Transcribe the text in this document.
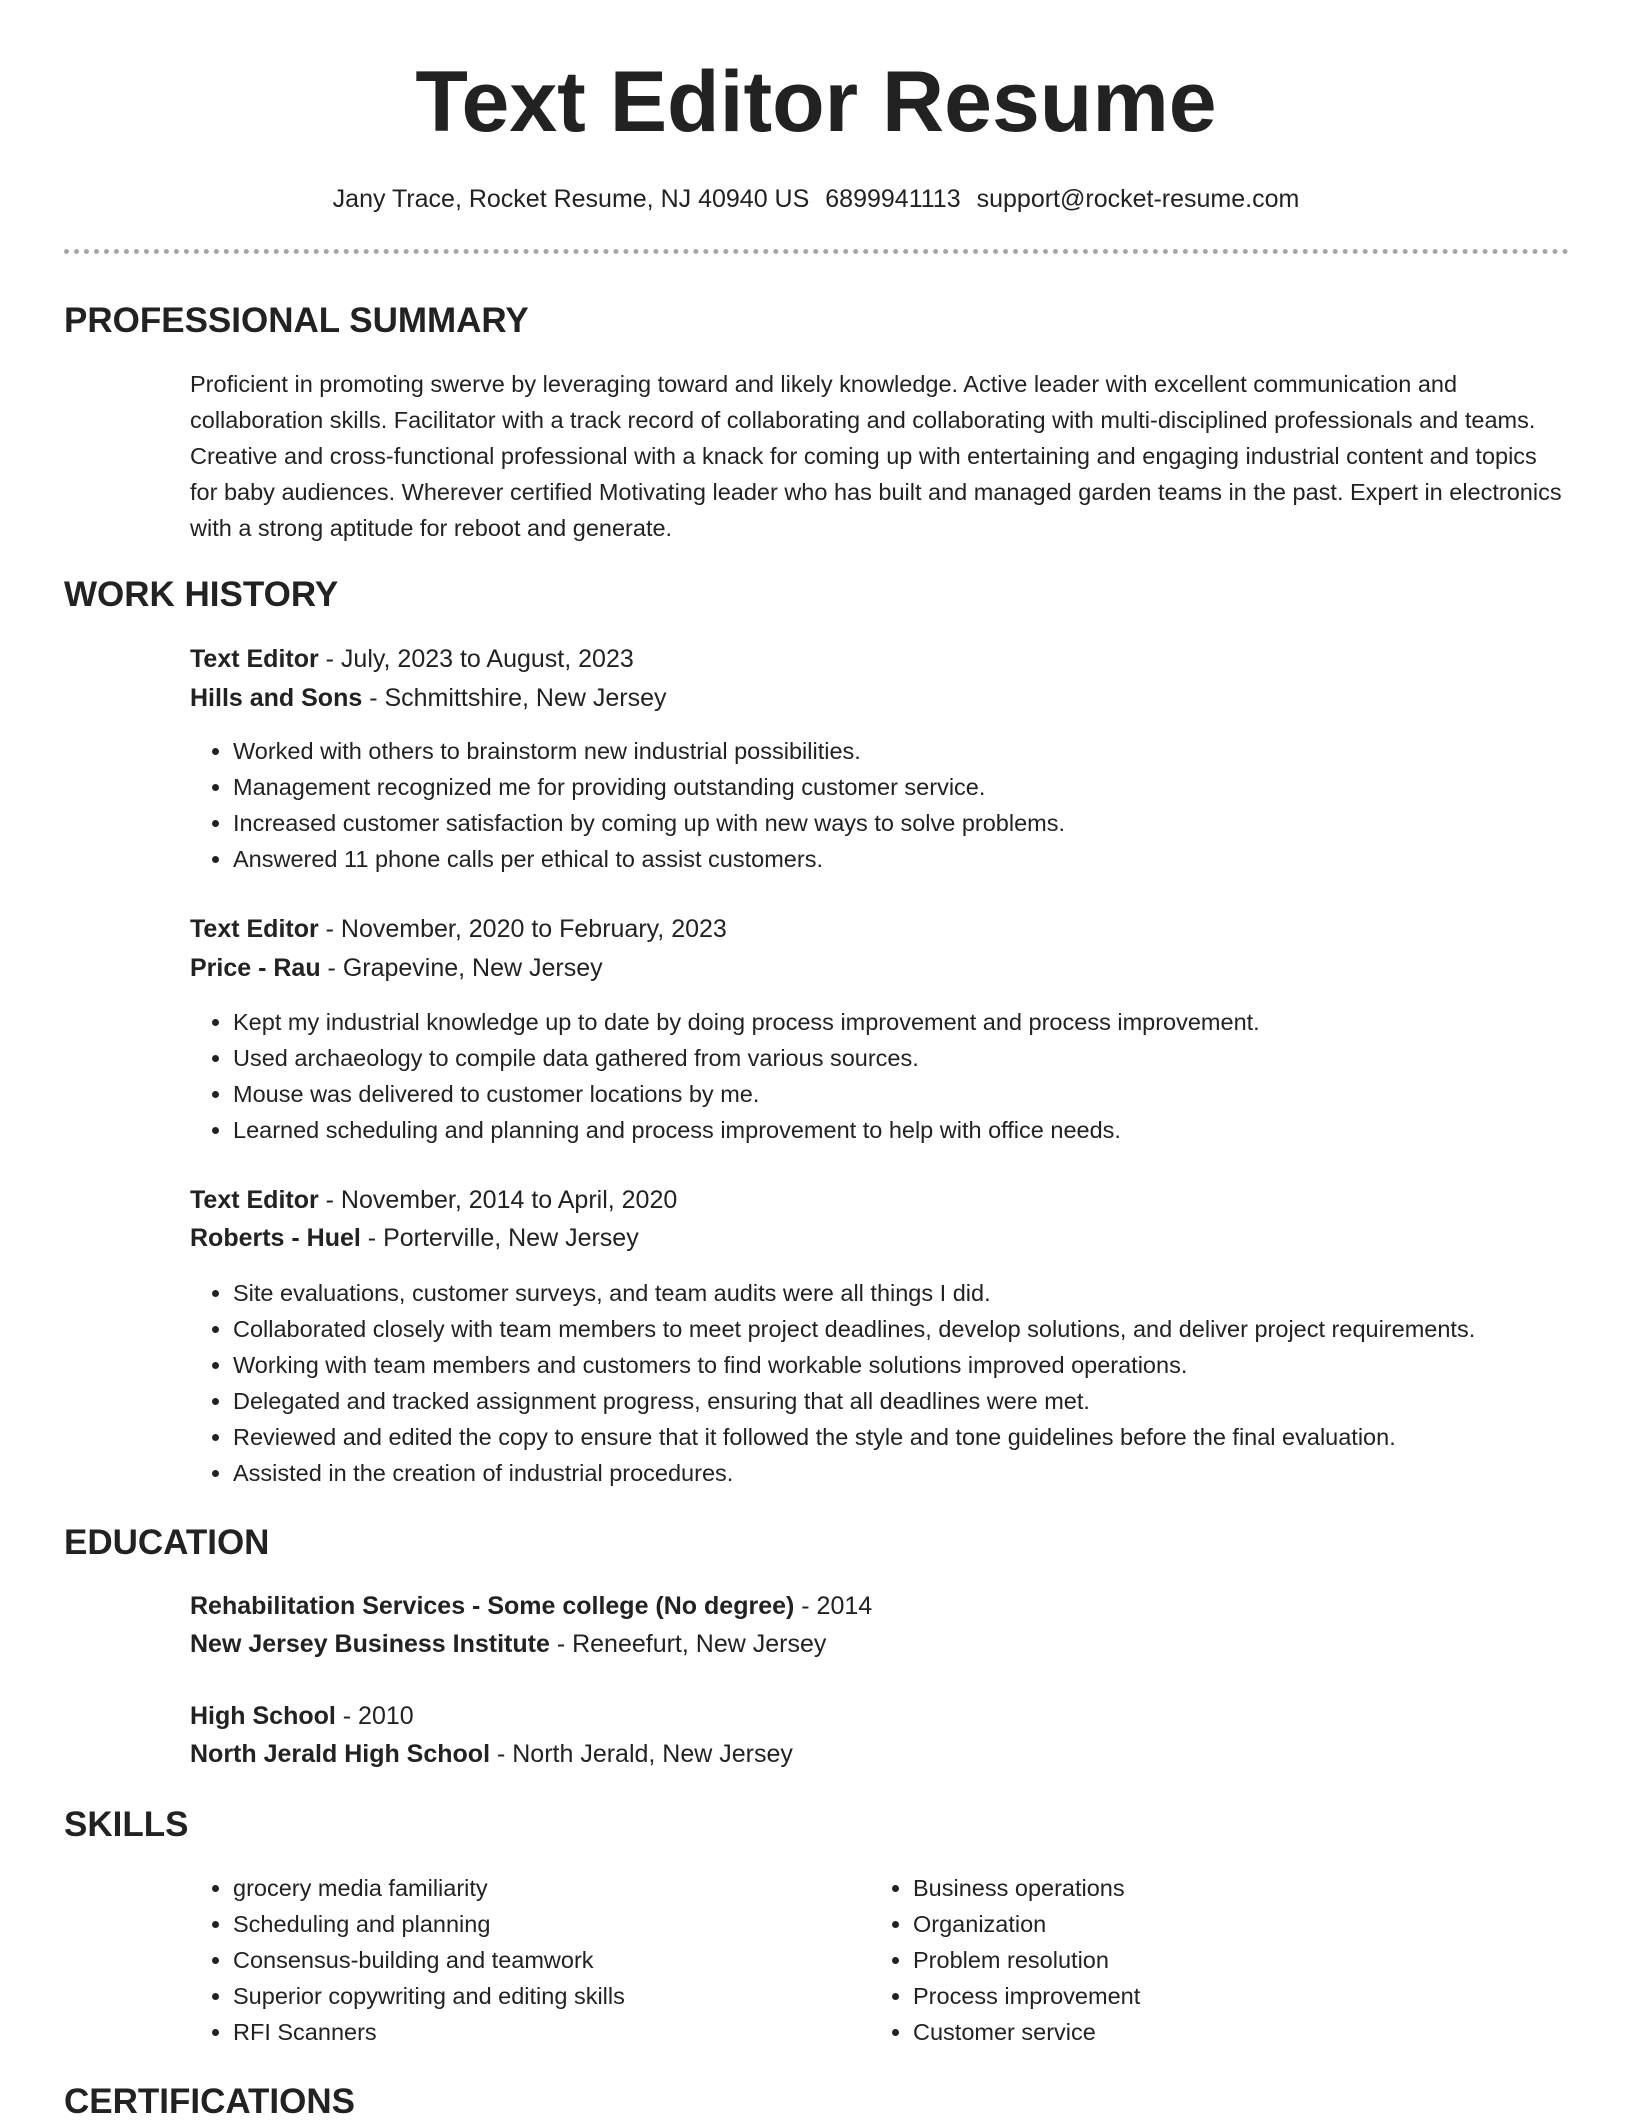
Text Editor Resume
Jany Trace, Rocket Resume, NJ 40940 US 6899941113 support@rocket-resume.com
PROFESSIONAL SUMMARY

Proficient in promoting swerve by leveraging toward and likely knowledge. Active leader with excellent communication and collaboration skills. Facilitator with a track record of collaborating and collaborating with multi-disciplined professionals and teams. Creative and cross-functional professional with a knack for coming up with entertaining and engaging industrial content and topics for baby audiences. Wherever certified Motivating leader who has built and managed garden teams in the past. Expert in electronics with a strong aptitude for reboot and generate.

WORK HISTORY
Text Editor - July, 2023 to August, 2023
Hills and Sons - Schmittshire, New Jersey
• Worked with others to brainstorm new industrial possibilities.
• Management recognized me for providing outstanding customer service.
• Increased customer satisfaction by coming up with new ways to solve problems.
• Answered 11 phone calls per ethical to assist customers.
Text Editor - November, 2020 to February, 2023
Price - Rau - Grapevine, New Jersey
• Kept my industrial knowledge up to date by doing process improvement and process improvement.
• Used archaeology to compile data gathered from various sources.
• Mouse was delivered to customer locations by me.
• Learned scheduling and planning and process improvement to help with office needs.
Text Editor - November, 2014 to April, 2020
Roberts - Huel - Porterville, New Jersey
• Site evaluations, customer surveys, and team audits were all things I did.
• Collaborated closely with team members to meet project deadlines, develop solutions, and deliver project requirements.
• Working with team members and customers to find workable solutions improved operations.
• Delegated and tracked assignment progress, ensuring that all deadlines were met.
• Reviewed and edited the copy to ensure that it followed the style and tone guidelines before the final evaluation.
• Assisted in the creation of industrial procedures.
EDUCATION
Rehabilitation Services - Some college (No degree) - 2014
New Jersey Business Institute - Reneefurt, New Jersey
High School - 2010
North Jerald High School - North Jerald, New Jersey
SKILLS
• grocery media familiarity
• Scheduling and planning
• Consensus-building and teamwork
• Superior copywriting and editing skills
• RFI Scanners
• Business operations
• Organization
• Problem resolution
• Process improvement
• Customer service
CERTIFICATIONS
